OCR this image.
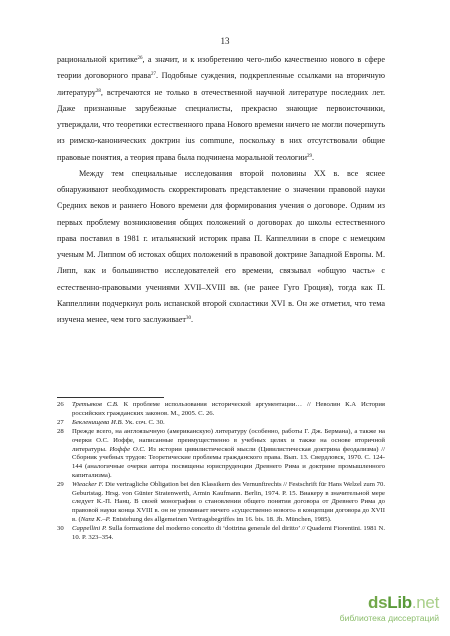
13

рациональной критике$^{26}$, а значит, и к изобретению чего-либо качественно нового в сфере теории договорного права$^{27}$. Подобные суждения, подкрепленные ссылками на вторичную литературу$^{28}$, встречаются не только в отечественной научной литературе последних лет. Даже признанные зарубежные специалисты, прекрасно знающие первоисточники, утверждали, что теоретики естественного права Нового времени ничего не могли почерпнуть из римско-канонических доктрин ius commune, поскольку в них отсутствовали общие правовые понятия, а теория права была подчинена моральной теологии$^{29}$.

Между тем специальные исследования второй половины XX в. все яснее обнаруживают необходимость скорректировать представление о значении правовой науки Средних веков и раннего Нового времени для формирования учения о договоре. Одним из первых проблему возникновения общих положений о договорах до школы естественного права поставил в 1981 г. итальянский историк права П. Каппеллини в споре с немецким ученым М. Липпом об истоках общих положений в правовой доктрине Западной Европы. М. Липп, как и большинство исследователей его времени, связывал «общую часть» с естественно-правовыми учениями XVII–XVIII вв. (не ранее Гуго Гроция), тогда как П. Каппеллини подчеркнул роль испанской второй схоластики XVI в. Он же отметил, что тема изучена менее, чем того заслуживает$^{30}$.

26	Третьяков С.В. К проблеме использования исторической аргументации… // Неволин К.А История российских гражданских законов. М., 2005. С. 26.
27	Бекленищева И.В. Ук. соч. С. 30.
28	Прежде всего, на англоязычную (американскую) литературу (особенно, работы Г. Дж. Бермана), а также на очерки О.С. Иоффе, написанные преимущественно в учебных целях и также на основе вторичной литературы. Иоффе О.С. Из истории цивилистической мысли (Цивилистическая доктрина феодализма) // Сборник учебных трудов: Теоретические проблемы гражданского права. Вып. 13. Свердловск, 1970. С. 124-144 (аналогичные очерки автора посвящены юриспруденции Древнего Рима и доктрине промышленного капитализма).
29	Wieacker F. Die vertragliche Obligation bei den Klassikern des Vernunftrechts // Festschrift für Hans Welzel zum 70. Geburtstag. Hrsg. von Günter Stratenwerth, Armin Kaufmann. Berlin, 1974. P. 15. Виакеру в значительной мере следует К.-П. Нанц. В своей монографии о становлении общего понятия договора от Древнего Рима до правовой науки конца XVIII в. он не упоминает ничего «существенно нового» в концепции договора до XVII в. (Nanz K.–P. Entstehung des allgemeinen Vertragsbegriffes im 16. bis. 18. Jh. München, 1985).
30	Cappellini P. Sulla formazione del moderno concetto di ‘dottrina generale del diritto’ // Quaderni Fiorentini. 1981 N. 10. P. 323–354.
dsLib.net
библиотека диссертаций
